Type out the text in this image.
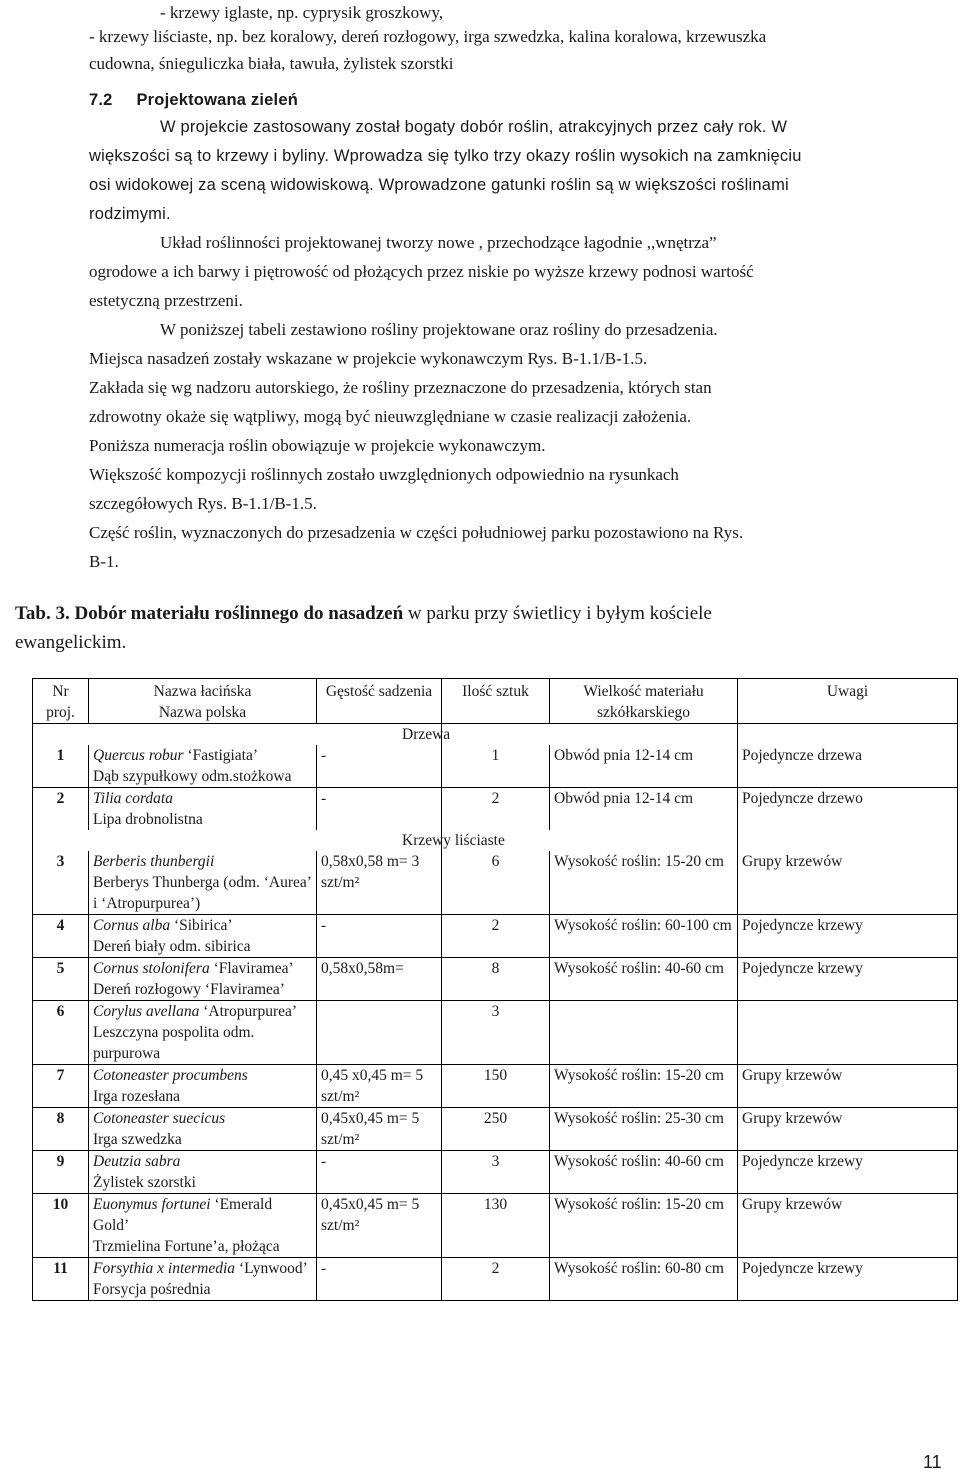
- krzewy iglaste, np. cyprysik groszkowy,
- krzewy liściaste, np. bez koralowy, dereń rozłogowy, irga szwedzka, kalina koralowa, krzewuszka
cudowna, śnieguliczka biała, tawuła, żylistek szorstki
7.2 Projektowana zieleń
W projekcie zastosowany został bogaty dobór roślin, atrakcyjnych przez cały rok. W
większości są to krzewy i byliny. Wprowadza się tylko trzy okazy roślin wysokich na zamknięciu
osi widokowej za sceną widowiskową. Wprowadzone gatunki roślin są w większości roślinami
rodzimymi.
Układ roślinności projektowanej tworzy nowe , przechodzące łagodnie ,,wnętrza”
ogrodowe a ich barwy i piętrowość od płożących przez niskie po wyższe krzewy podnosi wartość
estetyczną przestrzeni.
W poniższej tabeli zestawiono rośliny projektowane oraz rośliny do przesadzenia.
Miejsca nasadzeń zostały wskazane w projekcie wykonawczym Rys. B-1.1/B-1.5.
Zakłada się wg nadzoru autorskiego, że rośliny przeznaczone do przesadzenia, których stan
zdrowotny okaże się wątpliwy, mogą być nieuwzględniane w czasie realizacji założenia.
Poniższa numeracja roślin obowiązuje w projekcie wykonawczym.
Większość kompozycji roślinnych zostało uwzględnionych odpowiednio na rysunkach
szczegółowych Rys. B-1.1/B-1.5.
Część roślin, wyznaczonych do przesadzenia w części południowej parku pozostawiono na Rys.
B-1.
Tab. 3. Dobór materiału roślinnego do nasadzeń w parku przy świetlicy i byłym kościele
ewangelickim.
Nr proj.	Nazwa łacińska
Nazwa polska	Gęstość sadzenia	Ilość sztuk	Wielkość materiału szkółkarskiego	Uwagi
	Drzewa	
1	Quercus robur ‘Fastigiata’
Dąb szypułkowy odm.stożkowa	-	1	Obwód pnia 12-14 cm	Pojedyncze drzewa
2	Tilia cordata
Lipa drobnolistna	-	2	Obwód pnia 12-14 cm	Pojedyncze drzewo
	Krzewy liściaste	
3	Berberis thunbergii
Berberys Thunberga (odm. ‘Aurea’ i ‘Atropurpurea’)	0,58x0,58 m= 3 szt/m²	6	Wysokość roślin: 15-20 cm	Grupy krzewów
4	Cornus alba ‘Sibirica’
Dereń biały odm. sibirica	-	2	Wysokość roślin: 60-100 cm	Pojedyncze krzewy
5	Cornus stolonifera ‘Flaviramea’
Dereń rozłogowy ‘Flaviramea’	0,58x0,58m=	8	Wysokość roślin: 40-60 cm	Pojedyncze krzewy
6	Corylus avellana ‘Atropurpurea’
Leszczyna pospolita odm. purpurowa		3		
7	Cotoneaster procumbens
Irga rozesłana	0,45 x0,45 m= 5 szt/m²	150	Wysokość roślin: 15-20 cm	Grupy krzewów
8	Cotoneaster suecicus
Irga szwedzka	0,45x0,45 m= 5 szt/m²	250	Wysokość roślin: 25-30 cm	Grupy krzewów
9	Deutzia sabra
Żylistek szorstki	-	3	Wysokość roślin: 40-60 cm	Pojedyncze krzewy
10	Euonymus fortunei ‘Emerald Gold’
Trzmielina Fortune’a, płożąca	0,45x0,45 m= 5 szt/m²	130	Wysokość roślin: 15-20 cm	Grupy krzewów
11	Forsythia x intermedia ‘Lynwood’
Forsycja pośrednia	-	2	Wysokość roślin: 60-80 cm	Pojedyncze krzewy
11
